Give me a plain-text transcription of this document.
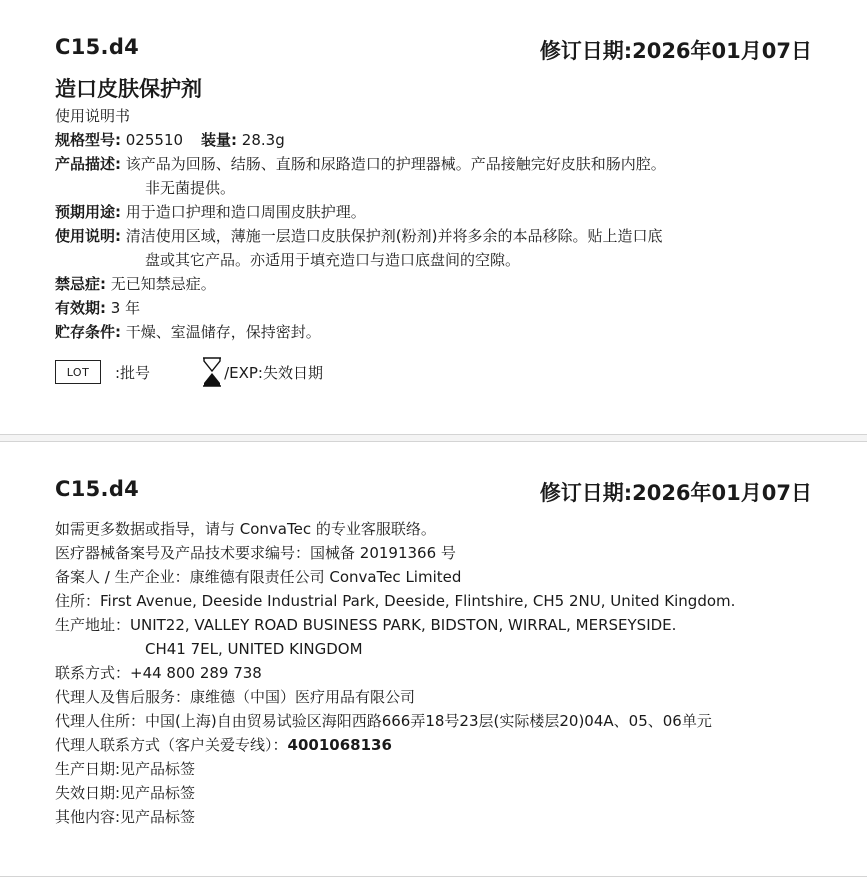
C15.d4	修订日期:2026年01月07日
造口皮肤保护剂
使用说明书
规格型号: 025510 装量: 28.3g
产品描述: 该产品为回肠、结肠、直肠和尿路造口的护理器械。产品接触完好皮肤和肠内腔。
非无菌提供。
预期用途: 用于造口护理和造口周围皮肤护理。
使用说明: 清洁使用区域，薄施一层造口皮肤保护剂(粉剂)并将多余的本品移除。贴上造口底
盘或其它产品。亦适用于填充造口与造口底盘间的空隙。
禁忌症: 无已知禁忌症。
有效期: 3 年
贮存条件: 干燥、室温储存，保持密封。
LOT	:批号	/EXP:失效日期
C15.d4	修订日期:2026年01月07日
如需更多数据或指导，请与 ConvaTec 的专业客服联络。
医疗器械备案号及产品技术要求编号：国械备 20191366 号
备案人 / 生产企业：康维德有限责任公司 ConvaTec Limited
住所：First Avenue, Deeside Industrial Park, Deeside, Flintshire, CH5 2NU, United Kingdom.
生产地址：UNIT22, VALLEY ROAD BUSINESS PARK, BIDSTON, WIRRAL, MERSEYSIDE.
CH41 7EL, UNITED KINGDOM
联系方式：+44 800 289 738
代理人及售后服务：康维德（中国）医疗用品有限公司
代理人住所：中国(上海)自由贸易试验区海阳西路666弄18号23层(实际楼层20)04A、05、06单元
代理人联系方式（客户关爱专线）：4001068136
生产日期:见产品标签
失效日期:见产品标签
其他内容:见产品标签
